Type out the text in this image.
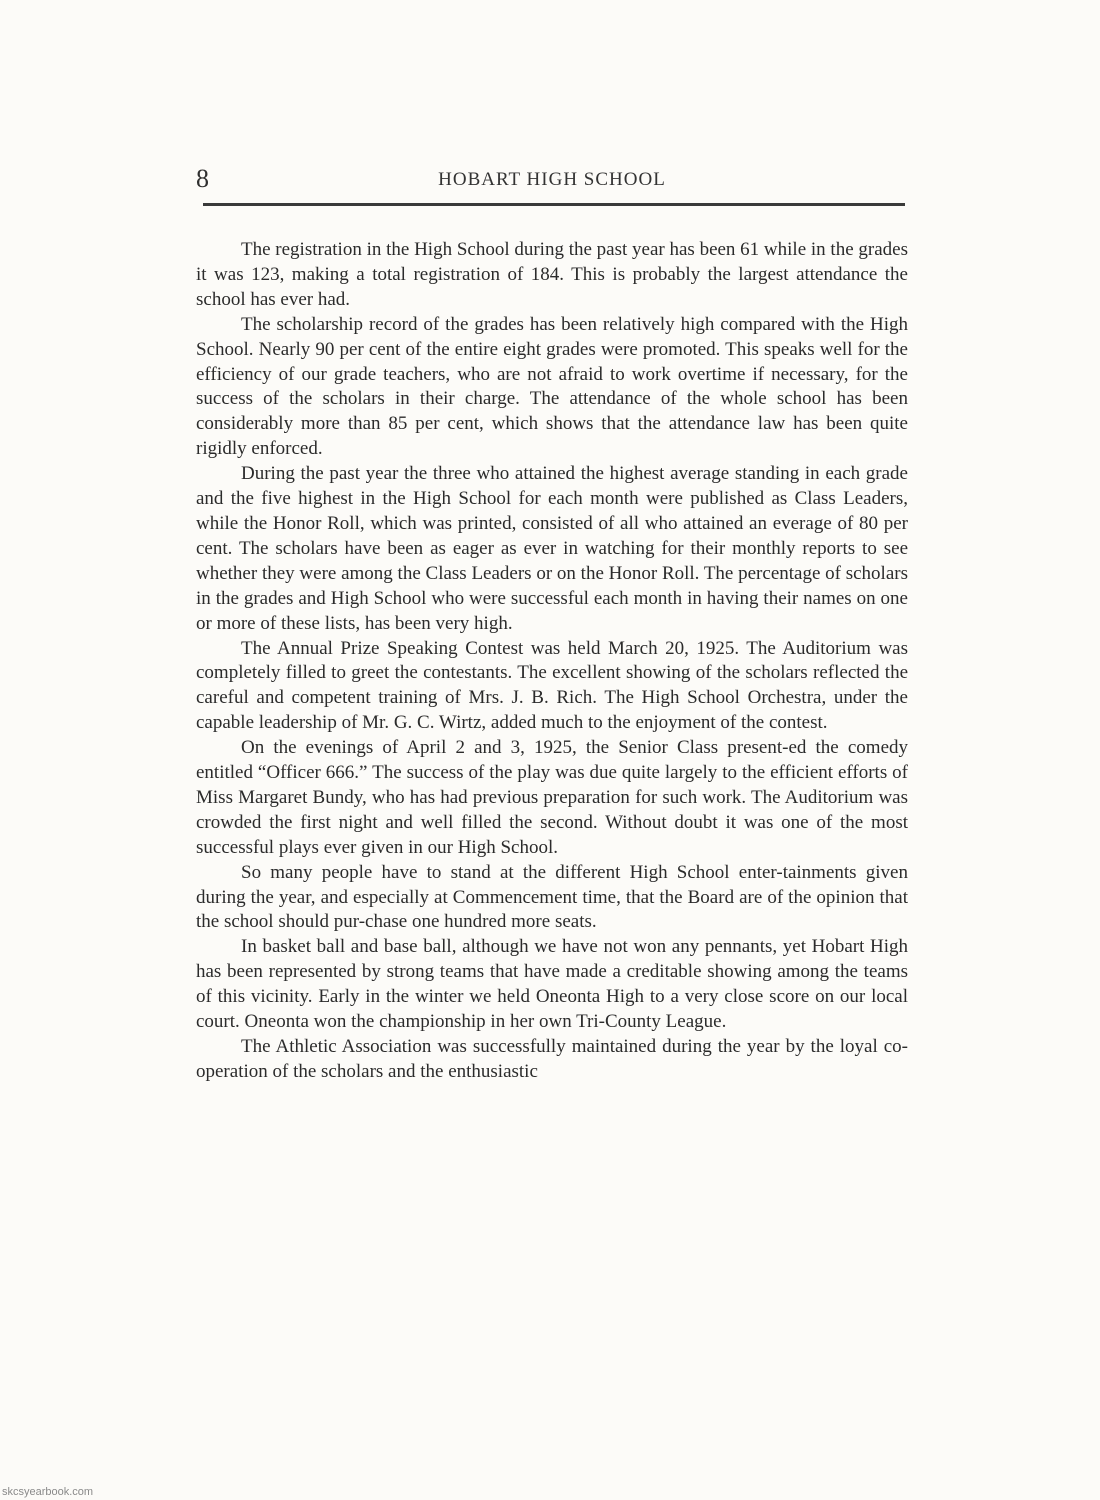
8	HOBART HIGH SCHOOL

The registration in the High School during the past year has been 61 while in the grades it was 123, making a total registration of 184. This is probably the largest attendance the school has ever had.

The scholarship record of the grades has been relatively high compared with the High School. Nearly 90 per cent of the entire eight grades were promoted. This speaks well for the efficiency of our grade teachers, who are not afraid to work overtime if necessary, for the success of the scholars in their charge. The attendance of the whole school has been considerably more than 85 per cent, which shows that the attendance law has been quite rigidly enforced.

During the past year the three who attained the highest average standing in each grade and the five highest in the High School for each month were published as Class Leaders, while the Honor Roll, which was printed, consisted of all who attained an everage of 80 per cent. The scholars have been as eager as ever in watching for their monthly reports to see whether they were among the Class Leaders or on the Honor Roll. The percentage of scholars in the grades and High School who were successful each month in having their names on one or more of these lists, has been very high.

The Annual Prize Speaking Contest was held March 20, 1925. The Auditorium was completely filled to greet the contestants. The excellent showing of the scholars reflected the careful and competent training of Mrs. J. B. Rich. The High School Orchestra, under the capable leadership of Mr. G. C. Wirtz, added much to the enjoyment of the contest.

On the evenings of April 2 and 3, 1925, the Senior Class present-ed the comedy entitled “Officer 666.” The success of the play was due quite largely to the efficient efforts of Miss Margaret Bundy, who has had previous preparation for such work. The Auditorium was crowded the first night and well filled the second. Without doubt it was one of the most successful plays ever given in our High School.

So many people have to stand at the different High School enter-tainments given during the year, and especially at Commencement time, that the Board are of the opinion that the school should pur-chase one hundred more seats.

In basket ball and base ball, although we have not won any pennants, yet Hobart High has been represented by strong teams that have made a creditable showing among the teams of this vicinity. Early in the winter we held Oneonta High to a very close score on our local court. Oneonta won the championship in her own Tri-County League.

The Athletic Association was successfully maintained during the year by the loyal co-operation of the scholars and the enthusiastic

skcsyearbook.com
